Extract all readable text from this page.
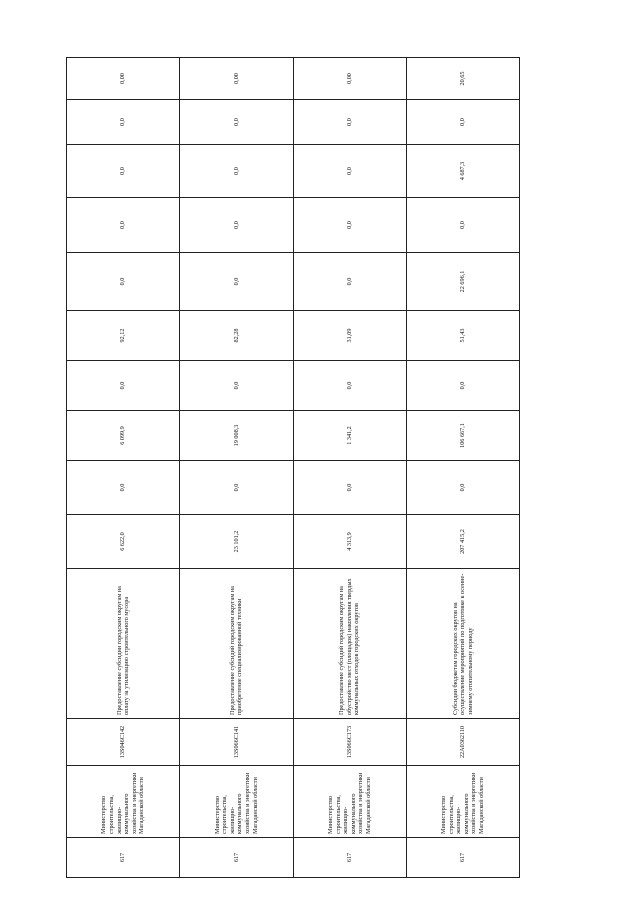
617	Министерство строительства, жилищно-коммунального хозяйства и энергетики Магаданской области	13S046С142	Предоставление субсидии городским округам на оплату за утилизацию строительного мусора	6 622,0	0,0	6 099,9	0,0	92,12	0,0	0,0	0,0	0,0	0,00
617	Министерство строительства, жилищно-коммунального хозяйства и энергетики Магаданской области	13S066С141	Предоставление субсидий городским округам на приобретение специализированной техники	23 101,2	0,0	19 008,3	0,0	82,28	0,0	0,0	0,0	0,0	0,00
617	Министерство строительства, жилищно-коммунального хозяйства и энергетики Магаданской области	13S066С173	Предоставление субсидий городским округам на обустройство мест (площадок) накопления твердых коммунальных отходов городских округов	4 313,9	0,0	1 341,2	0,0	31,09	0,0	0,0	0,0	0,0	0,00
617	Министерство строительства, жилищно-коммунального хозяйства и энергетики Магаданской области	22А0362110	Субсидии бюджетам городских округов на осуществление мероприятий по подготовке к осенне-зимнему отопительному периоду	207 415,2	0,0	106 667,1	0,0	51,43	22 696,1	0,0	4 687,3	0,0	20,65
